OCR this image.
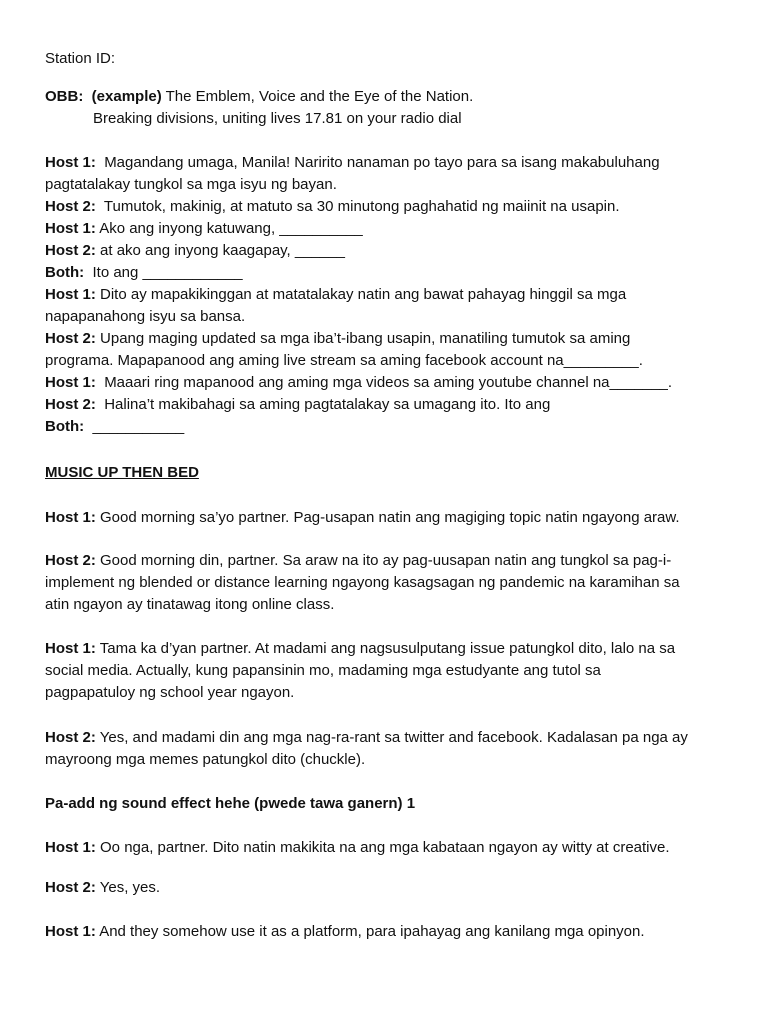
Station ID:
OBB: (example) The Emblem, Voice and the Eye of the Nation.
Breaking divisions, uniting lives 17.81 on your radio dial
Host 1: Magandang umaga, Manila! Naririto nanaman po tayo para sa isang makabuluhang
pagtatalakay tungkol sa mga isyu ng bayan.
Host 2: Tumutok, makinig, at matuto sa 30 minutong paghahatid ng maiinit na usapin.
Host 1: Ako ang inyong katuwang, __________
Host 2: at ako ang inyong kaagapay, ______
Both: Ito ang ____________
Host 1: Dito ay mapakikinggan at matatalakay natin ang bawat pahayag hinggil sa mga
napapanahong isyu sa bansa.
Host 2: Upang maging updated sa mga iba’t-ibang usapin, manatiling tumutok sa aming
programa. Mapapanood ang aming live stream sa aming facebook account na_________.
Host 1: Maaari ring mapanood ang aming mga videos sa aming youtube channel na_______.
Host 2: Halina’t makibahagi sa aming pagtatalakay sa umagang ito. Ito ang
Both: ___________
MUSIC UP THEN BED
Host 1: Good morning sa’yo partner. Pag-usapan natin ang magiging topic natin ngayong araw.
Host 2: Good morning din, partner. Sa araw na ito ay pag-uusapan natin ang tungkol sa pag-i-
implement ng blended or distance learning ngayong kasagsagan ng pandemic na karamihan sa
atin ngayon ay tinatawag itong online class.
Host 1: Tama ka d’yan partner. At madami ang nagsusulputang issue patungkol dito, lalo na sa
social media. Actually, kung papansinin mo, madaming mga estudyante ang tutol sa
pagpapatuloy ng school year ngayon.
Host 2: Yes, and madami din ang mga nag-ra-rant sa twitter and facebook. Kadalasan pa nga ay
mayroong mga memes patungkol dito (chuckle).
Pa-add ng sound effect hehe (pwede tawa ganern) 1
Host 1: Oo nga, partner. Dito natin makikita na ang mga kabataan ngayon ay witty at creative.
Host 2: Yes, yes.
Host 1: And they somehow use it as a platform, para ipahayag ang kanilang mga opinyon.
